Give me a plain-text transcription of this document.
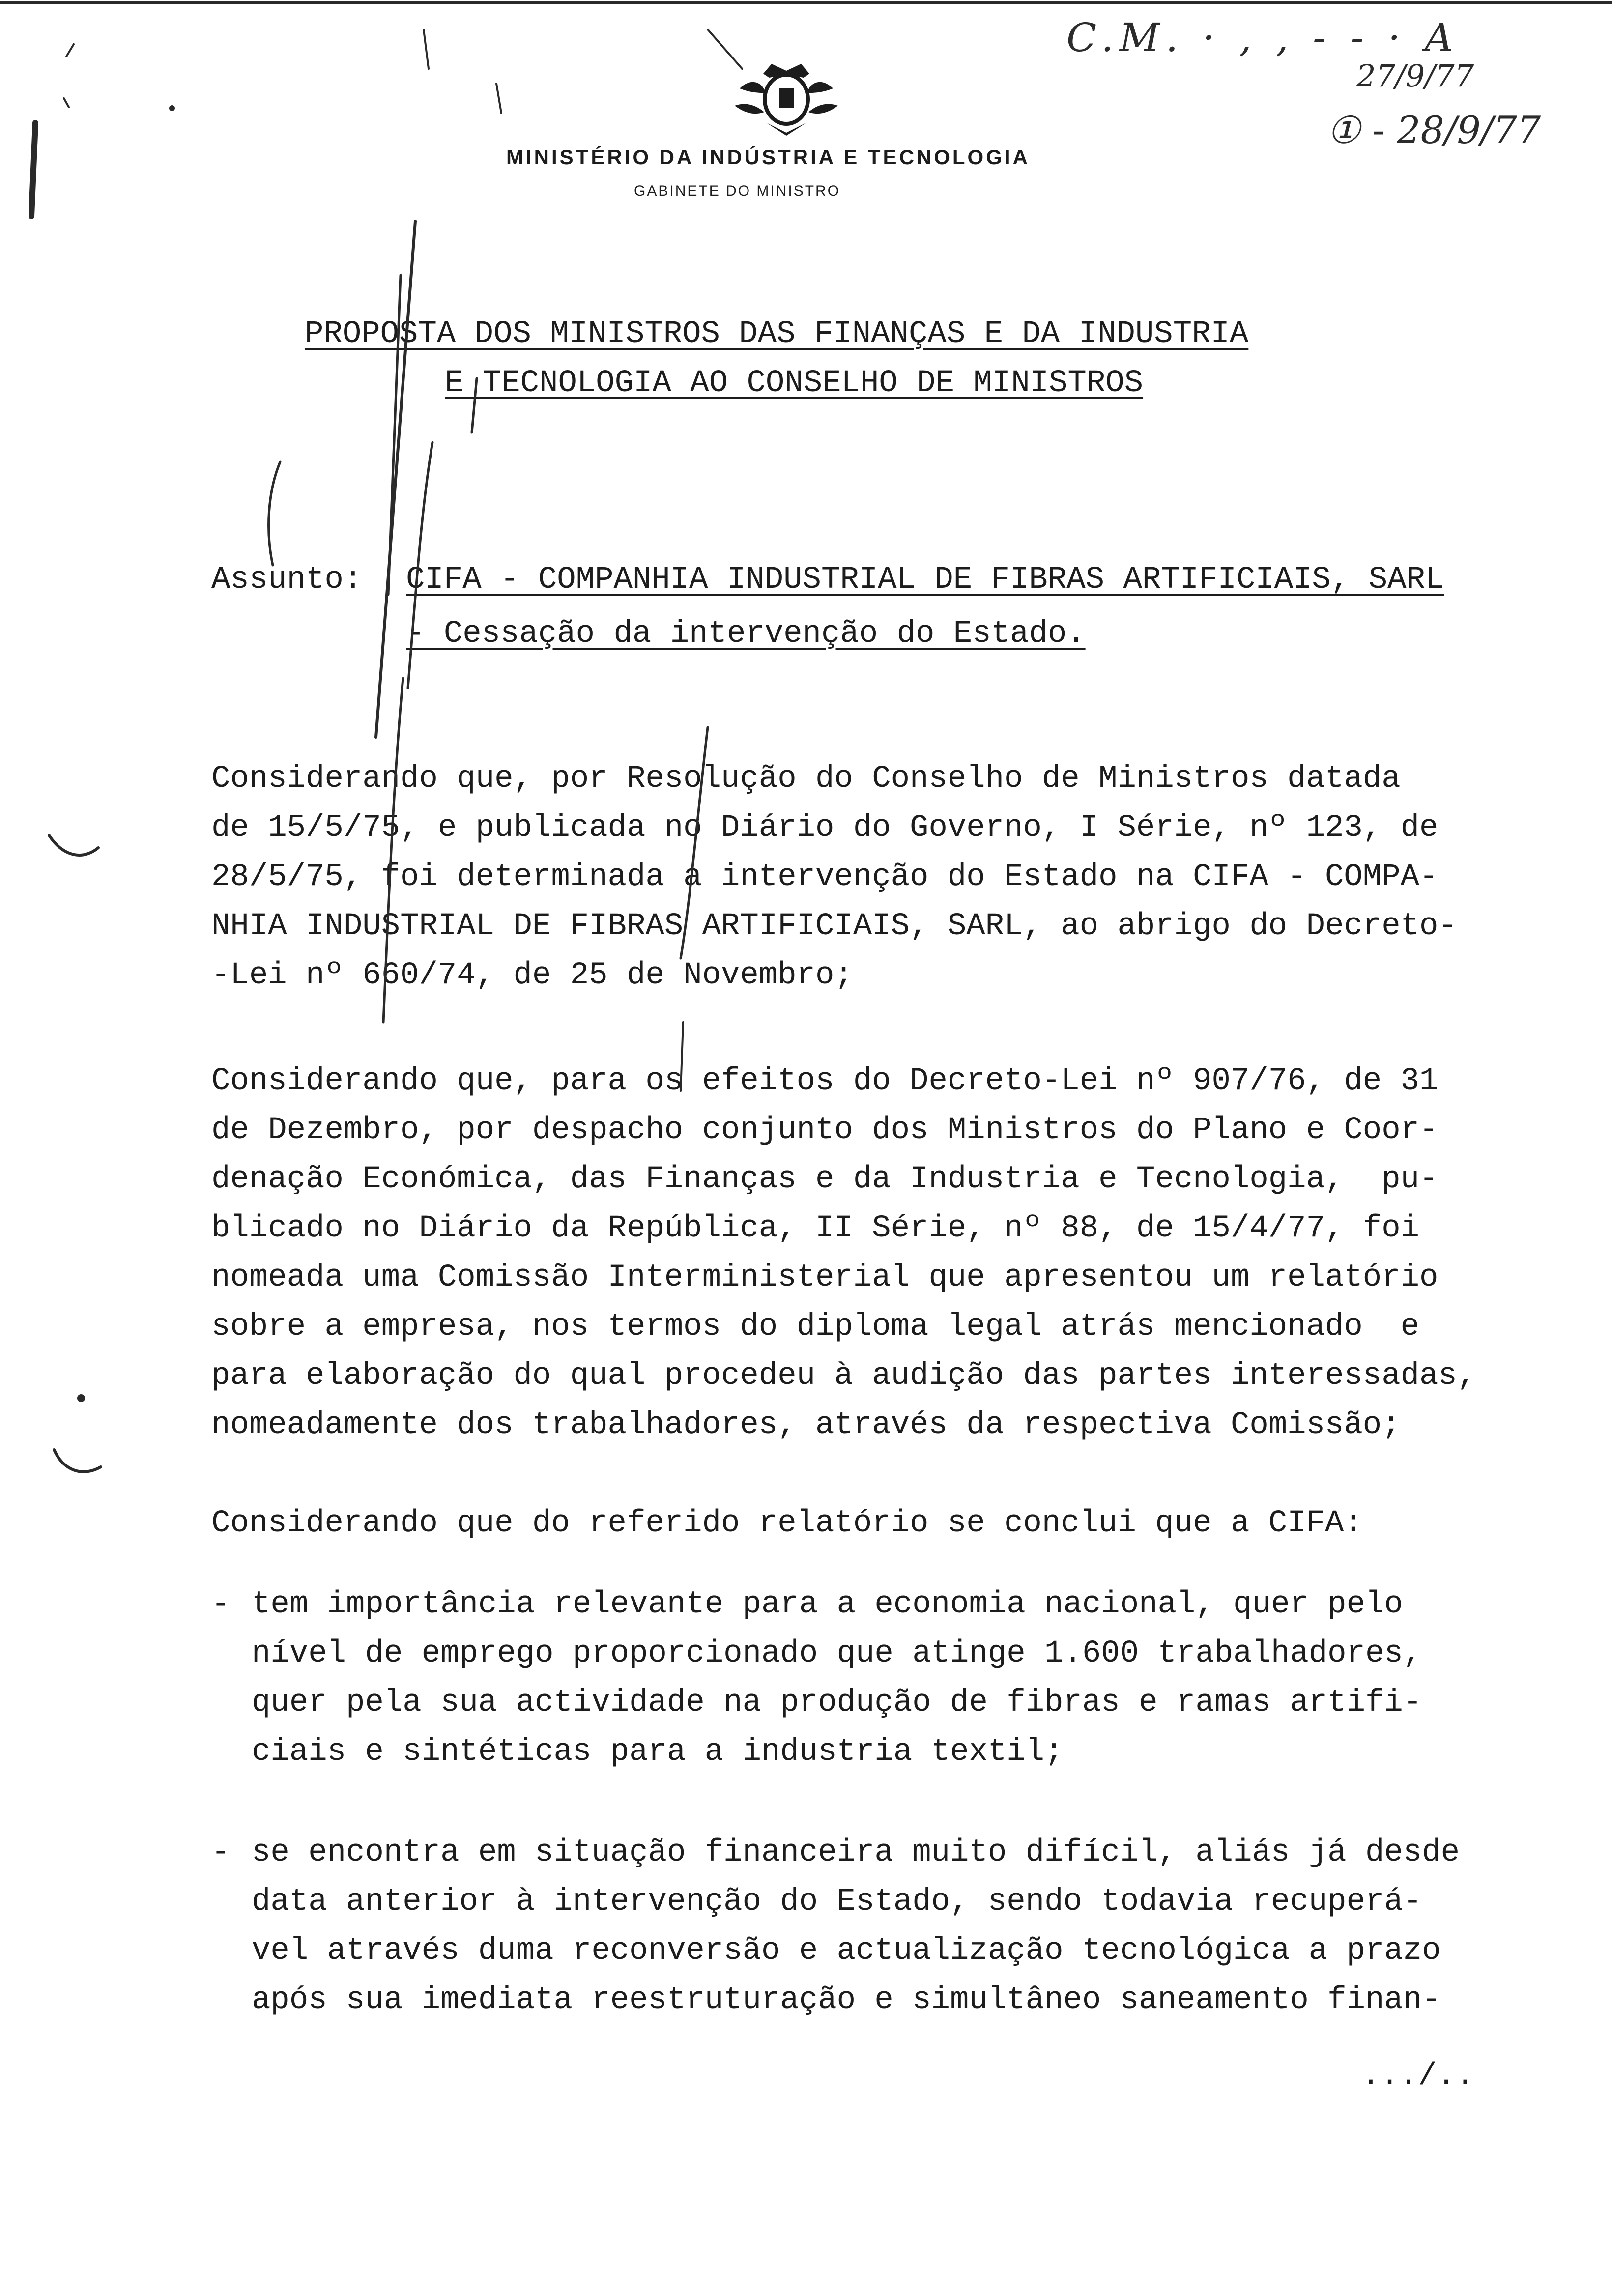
MINISTÉRIO DA INDÚSTRIA E TECNOLOGIA
GABINETE DO MINISTRO
C.M. · , , - - · A
27/9/77
① - 28/9/77
PROPOSTA DOS MINISTROS DAS FINANÇAS E DA INDUSTRIA
E TECNOLOGIA AO CONSELHO DE MINISTROS
Assunto: CIFA - COMPANHIA INDUSTRIAL DE FIBRAS ARTIFICIAIS, SARL
- Cessação da intervenção do Estado.
Considerando que, por Resolução do Conselho de Ministros datada
de 15/5/75, e publicada no Diário do Governo, I Série, nº 123, de
28/5/75, foi determinada a intervenção do Estado na CIFA - COMPA-
NHIA INDUSTRIAL DE FIBRAS ARTIFICIAIS, SARL, ao abrigo do Decreto-
-Lei nº 660/74, de 25 de Novembro;
Considerando que, para os efeitos do Decreto-Lei nº 907/76, de 31
de Dezembro, por despacho conjunto dos Ministros do Plano e Coor-
denação Económica, das Finanças e da Industria e Tecnologia,  pu-
blicado no Diário da República, II Série, nº 88, de 15/4/77, foi
nomeada uma Comissão Interministerial que apresentou um relatório
sobre a empresa, nos termos do diploma legal atrás mencionado  e
para elaboração do qual procedeu à audição das partes interessadas,
nomeadamente dos trabalhadores, através da respectiva Comissão;
Considerando que do referido relatório se conclui que a CIFA:
- tem importância relevante para a economia nacional, quer pelo
nível de emprego proporcionado que atinge 1.600 trabalhadores,
quer pela sua actividade na produção de fibras e ramas artifi-
ciais e sintéticas para a industria textil;
- se encontra em situação financeira muito difícil, aliás já desde
data anterior à intervenção do Estado, sendo todavia recuperá-
vel através duma reconversão e actualização tecnológica a prazo
após sua imediata reestruturação e simultâneo saneamento finan-
.../..
